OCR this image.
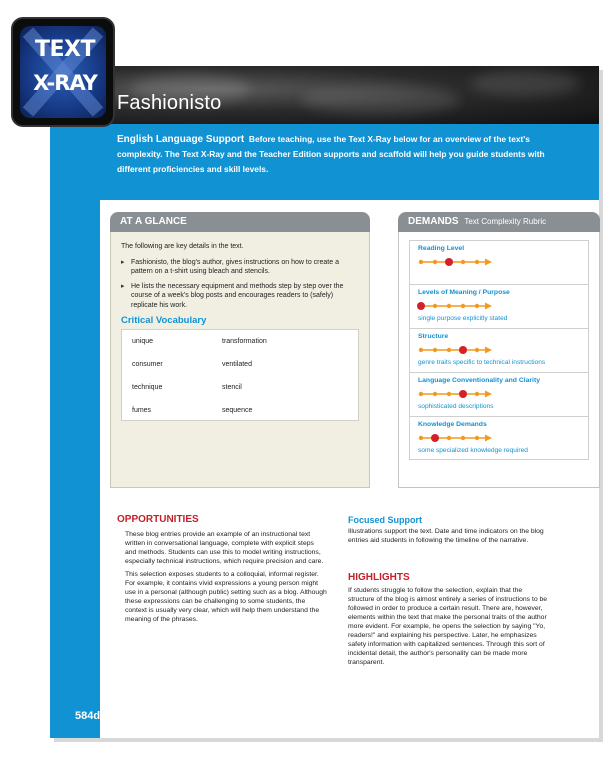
Fashionisto
English Language Support Before teaching, use the Text X-Ray below for an overview of the text's complexity. The Text X-Ray and the Teacher Edition supports and scaffold will help you guide students with different proficiencies and skill levels.
AT A GLANCE
The following are key details in the text.
▸ Fashionisto, the blog's author, gives instructions on how to create a pattern on a t-shirt using bleach and stencils.
▸ He lists the necessary equipment and methods step by step over the course of a week's blog posts and encourages readers to (safely) replicate his work.
Critical Vocabulary
unique	transformation
consumer	ventilated
technique	stencil
fumes	sequence
DEMANDS Text Complexity Rubric
Reading Level
Levels of Meaning / Purpose
single purpose explicitly stated
Structure
genre traits specific to technical instructions
Language Conventionality and Clarity
sophisticated descriptions
Knowledge Demands
some specialized knowledge required
584d Unit 5
OPPORTUNITIES
These blog entries provide an example of an instructional text written in conversational language, complete with explicit steps and methods. Students can use this to model writing instructions, especially technical instructions, which require precision and care.
This selection exposes students to a colloquial, informal register. For example, it contains vivid expressions a young person might use in a personal (although public) setting such as a blog. Although these expressions can be challenging to some students, the context is usually very clear, which will help them understand the meaning of the phrases.
Focused Support
Illustrations support the text. Date and time indicators on the blog entries aid students in following the timeline of the narrative.
HIGHLIGHTS
If students struggle to follow the selection, explain that the structure of the blog is almost entirely a series of instructions to be followed in order to produce a certain result. There are, however, elements within the text that make the personal traits of the author more evident. For example, he opens the selection by saying "Yo, readers!" and explaining his perspective. Later, he emphasizes safety information with capitalized sentences. Through this sort of incidental detail, the author's personality can be made more transparent.
TEXT
X-RAY
